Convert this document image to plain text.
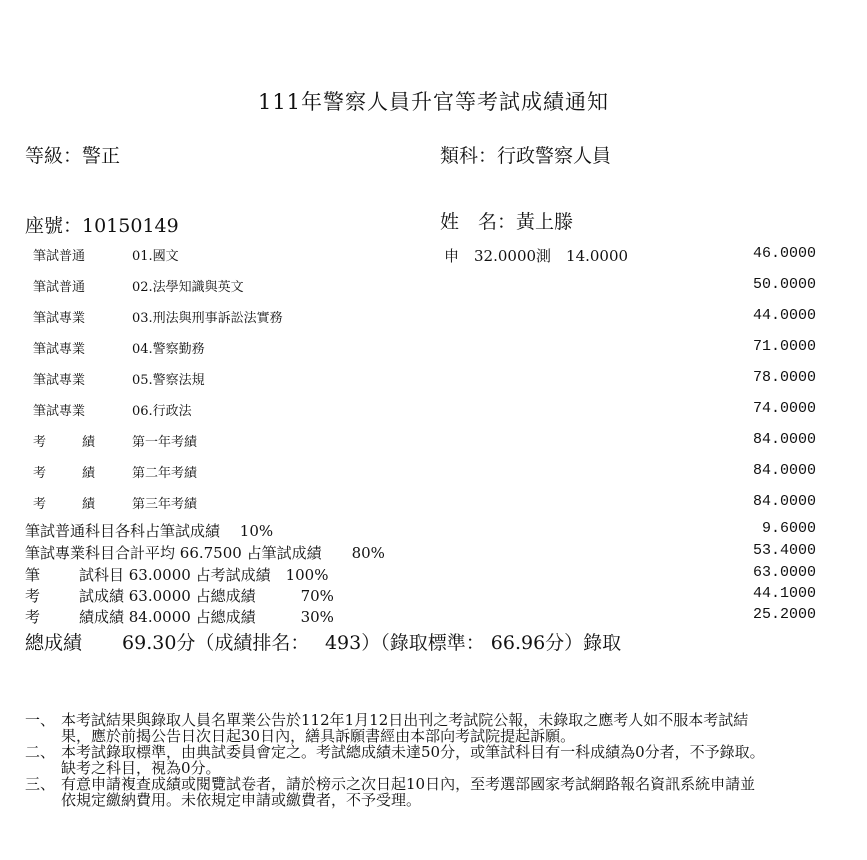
111年警察人員升官等考試成績通知
等級：警正	類科：行政警察人員
座號：10150149	姓　名：黃上滕
筆試普通	01.國文	申　32.0000測　14.0000	46.0000
筆試普通	02.法學知識與英文	50.0000
筆試專業	03.刑法與刑事訴訟法實務	44.0000
筆試專業	04.警察勤務	71.0000
筆試專業	05.警察法規	78.0000
筆試專業	06.行政法	74.0000
考	績	第一年考績	84.0000
考	績	第二年考績	84.0000
考	績	第三年考績	84.0000
筆試普通科目各科占筆試成績　 10%	9.6000
筆試專業科目合計平均 66.7500 占筆試成績　　80%	53.4000
筆	試科目 63.0000 占考試成績　100%	63.0000
考	試成績 63.0000 占總成績　　　70%	44.1000
考	績成績 84.0000 占總成績　　　30%	25.2000
總成績 69.30分（成績排名：　 493）（錄取標準： 66.96分）錄取

一、 本考試結果與錄取人員名單業公告於112年1月12日出刊之考試院公報，未錄取之應考人如不服本考試結果，應於前揭公告日次日起30日內，繕具訴願書經由本部向考試院提起訴願。

二、 本考試錄取標準，由典試委員會定之。考試總成績未達50分，或筆試科目有一科成績為0分者，不予錄取。缺考之科目，視為0分。

三、 有意申請複查成績或閱覽試卷者，請於榜示之次日起10日內，至考選部國家考試網路報名資訊系統申請並依規定繳納費用。未依規定申請或繳費者，不予受理。
